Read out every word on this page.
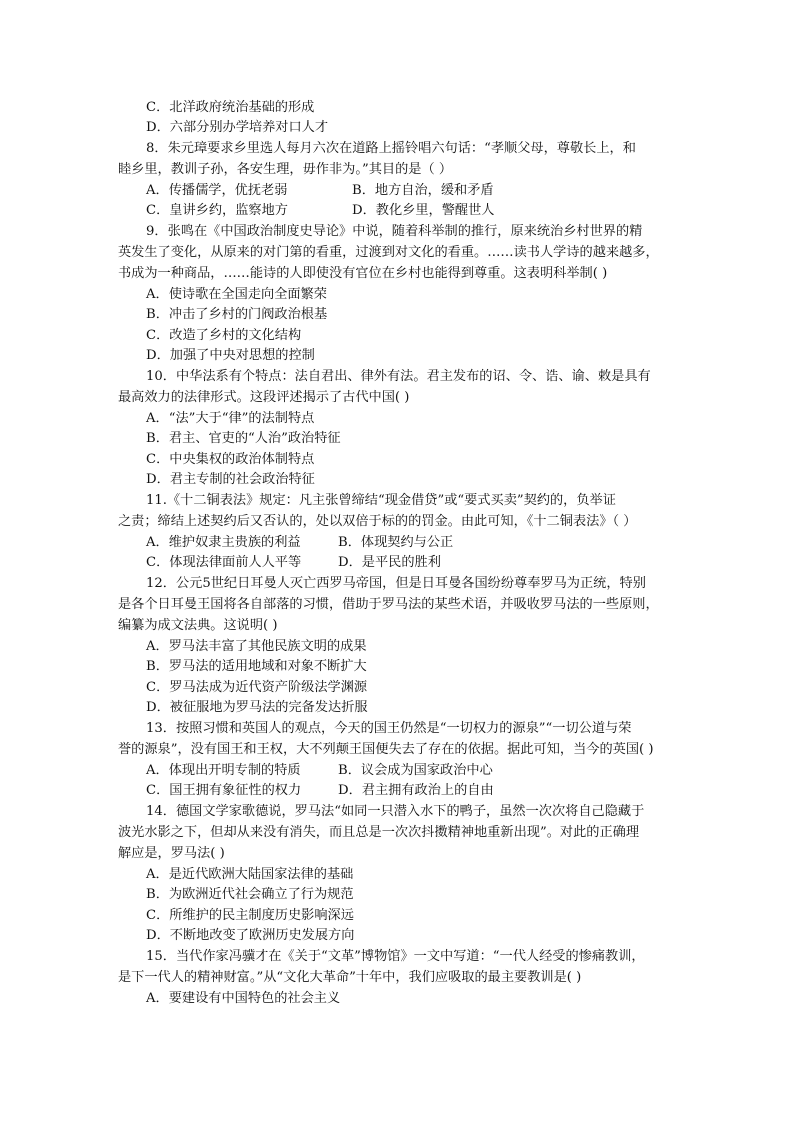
C．北洋政府统治基础的形成
D．六部分别办学培养对口人才
8．朱元璋要求乡里选人每月六次在道路上摇铃唱六句话：“孝顺父母，尊敬长上，和
睦乡里，教训子孙，各安生理，毋作非为。”其目的是（ ）
A．传播儒学，优抚老弱	B．地方自治，缓和矛盾
C．皇讲乡约，监察地方	D．教化乡里，警醒世人
9．张鸣在《中国政治制度史导论》中说，随着科举制的推行，原来统治乡村世界的精
英发生了变化，从原来的对门第的看重，过渡到对文化的看重。……读书人学诗的越来越多，
书成为一种商品，……能诗的人即使没有官位在乡村也能得到尊重。这表明科举制( )
A．使诗歌在全国走向全面繁荣
B．冲击了乡村的门阀政治根基
C．改造了乡村的文化结构
D．加强了中央对思想的控制
10．中华法系有个特点：法自君出、律外有法。君主发布的诏、令、诰、谕、敕是具有
最高效力的法律形式。这段评述揭示了古代中国( )
A．“法”大于“律”的法制特点
B．君主、官吏的“人治”政治特征
C．中央集权的政治体制特点
D．君主专制的社会政治特征
11.《十二铜表法》规定：凡主张曾缔结“现金借贷”或“要式买卖”契约的，负举证
之责；缔结上述契约后又否认的，处以双倍于标的的罚金。由此可知，《十二铜表法》（ ）
A．维护奴隶主贵族的利益	B．体现契约与公正
C．体现法律面前人人平等	D．是平民的胜利
12．公元5世纪日耳曼人灭亡西罗马帝国，但是日耳曼各国纷纷尊奉罗马为正统，特别
是各个日耳曼王国将各自部落的习惯，借助于罗马法的某些术语，并吸收罗马法的一些原则，
编纂为成文法典。这说明( )
A．罗马法丰富了其他民族文明的成果
B．罗马法的适用地域和对象不断扩大
C．罗马法成为近代资产阶级法学渊源
D．被征服地为罗马法的完备发达折服
13．按照习惯和英国人的观点，今天的国王仍然是“一切权力的源泉”“一切公道与荣
誉的源泉”，没有国王和王权，大不列颠王国便失去了存在的依据。据此可知，当今的英国( )
A．体现出开明专制的特质	B．议会成为国家政治中心
C．国王拥有象征性的权力	D．君主拥有政治上的自由
14．德国文学家歌德说，罗马法“如同一只潜入水下的鸭子，虽然一次次将自己隐藏于
波光水影之下，但却从来没有消失，而且总是一次次抖擞精神地重新出现”。对此的正确理
解应是，罗马法( )
A．是近代欧洲大陆国家法律的基础
B．为欧洲近代社会确立了行为规范
C．所维护的民主制度历史影响深远
D．不断地改变了欧洲历史发展方向
15．当代作家冯骥才在《关于“文革”博物馆》一文中写道：“一代人经受的惨痛教训，
是下一代人的精神财富。”从“文化大革命”十年中，我们应吸取的最主要教训是( )
A．要建设有中国特色的社会主义
